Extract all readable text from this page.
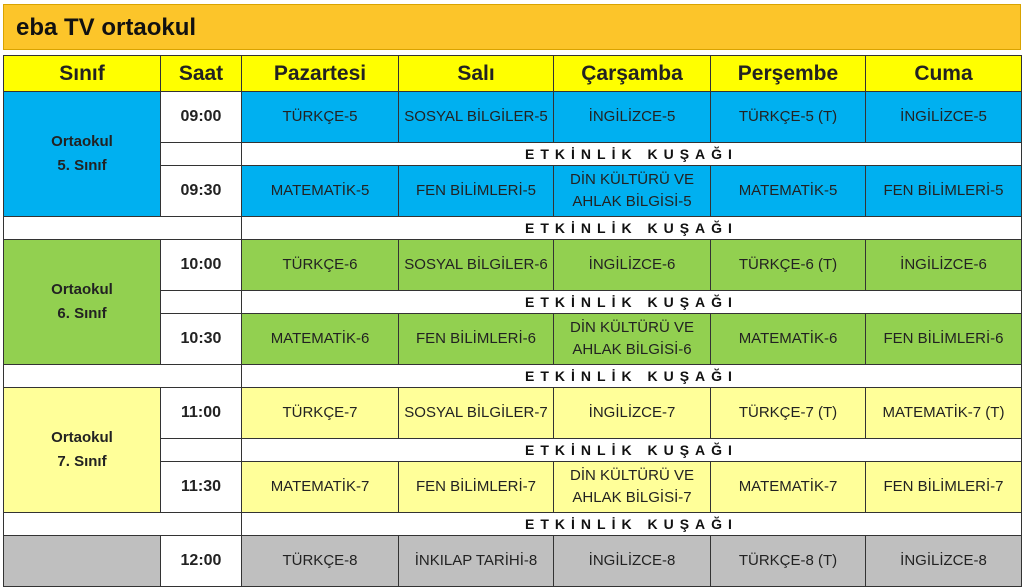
eba TV ortaokul
Sınıf	Saat	Pazartesi	Salı	Çarşamba	Perşembe	Cuma

Ortaokul
5. Sınıf	09:00	TÜRKÇE-5	SOSYAL BİLGİLER-5	İNGİLİZCE-5	TÜRKÇE-5 (T)	İNGİLİZCE-5
		ETKİNLİK KUŞAĞI				
	09:30	MATEMATİK-5	FEN BİLİMLERİ-5	DİN KÜLTÜRÜ VE AHLAK BİLGİSİ-5	MATEMATİK-5	FEN BİLİMLERİ-5
		ETKİNLİK KUŞAĞI				

Ortaokul
6. Sınıf	10:00	TÜRKÇE-6	SOSYAL BİLGİLER-6	İNGİLİZCE-6	TÜRKÇE-6 (T)	İNGİLİZCE-6
		ETKİNLİK KUŞAĞI				
	10:30	MATEMATİK-6	FEN BİLİMLERİ-6	DİN KÜLTÜRÜ VE AHLAK BİLGİSİ-6	MATEMATİK-6	FEN BİLİMLERİ-6
		ETKİNLİK KUŞAĞI				

Ortaokul
7. Sınıf	11:00	TÜRKÇE-7	SOSYAL BİLGİLER-7	İNGİLİZCE-7	TÜRKÇE-7 (T)	MATEMATİK-7 (T)
		ETKİNLİK KUŞAĞI				
	11:30	MATEMATİK-7	FEN BİLİMLERİ-7	DİN KÜLTÜRÜ VE AHLAK BİLGİSİ-7	MATEMATİK-7	FEN BİLİMLERİ-7
		ETKİNLİK KUŞAĞI				
	12:00	TÜRKÇE-8	İNKILAP TARİHİ-8	İNGİLİZCE-8	TÜRKÇE-8 (T)	İNGİLİZCE-8
